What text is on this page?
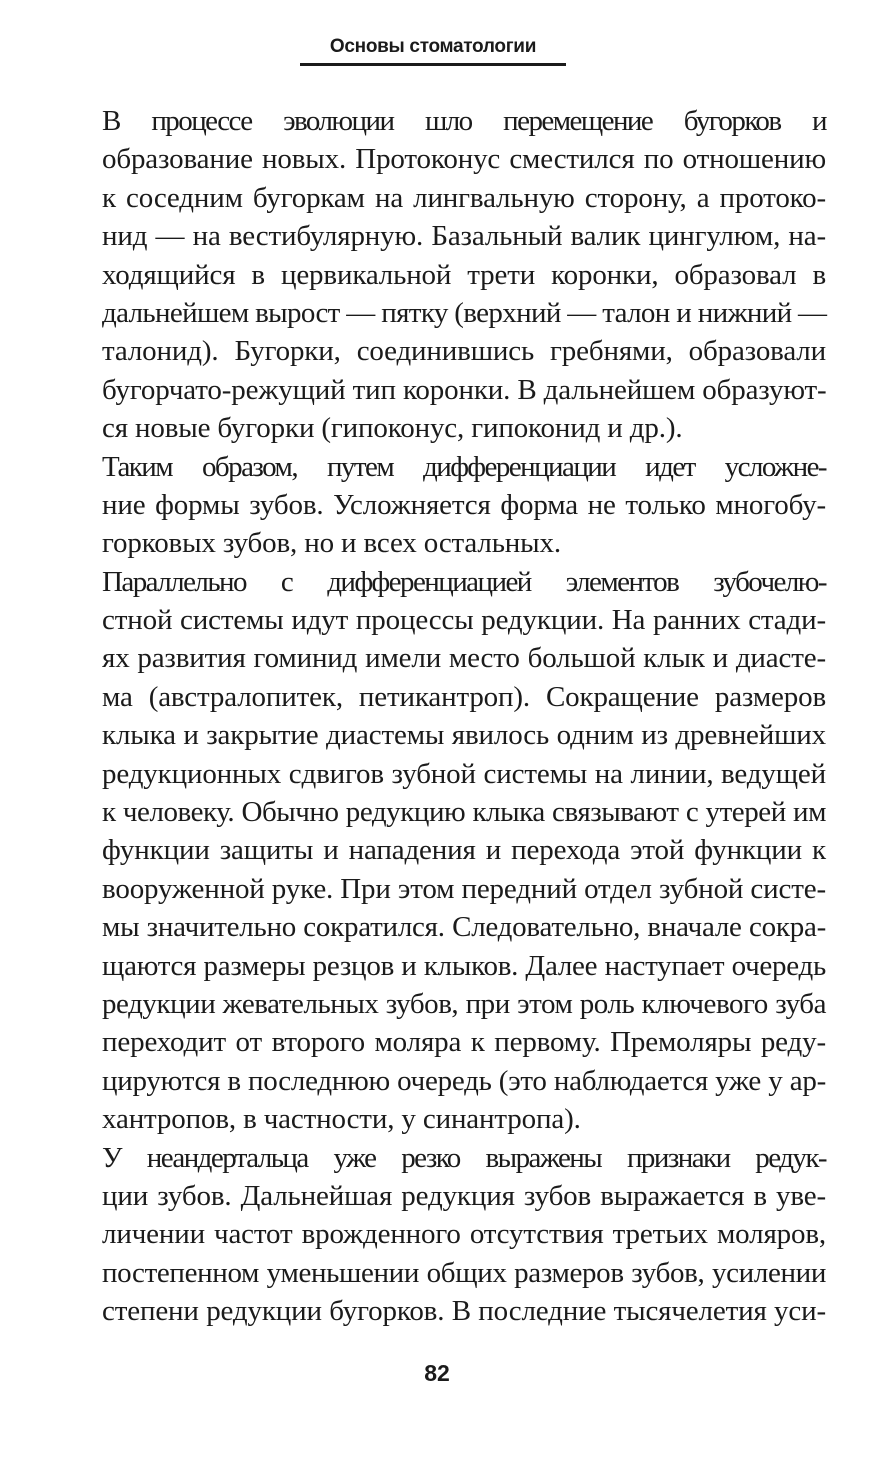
Основы стоматологии

В процессе эволюции шло перемещение бугорков и
образование новых. Протоконус сместился по отношению
к соседним бугоркам на лингвальную сторону, а протоко-
нид — на вестибулярную. Базальный валик цингулюм, на-
ходящийся в цервикальной трети коронки, образовал в
дальнейшем вырост — пятку (верхний — талон и нижний —
талонид). Бугорки, соединившись гребнями, образовали
бугорчато-режущий тип коронки. В дальнейшем образуют-
ся новые бугорки (гипоконус, гипоконид и др.).

Таким образом, путем дифференциации идет усложне-
ние формы зубов. Усложняется форма не только многобу-
горковых зубов, но и всех остальных.

Параллельно с дифференциацией элементов зубочелю-
стной системы идут процессы редукции. На ранних стади-
ях развития гоминид имели место большой клык и диасте-
ма (австралопитек, петикантроп). Сокращение размеров
клыка и закрытие диастемы явилось одним из древнейших
редукционных сдвигов зубной системы на линии, ведущей
к человеку. Обычно редукцию клыка связывают с утерей им
функции защиты и нападения и перехода этой функции к
вооруженной руке. При этом передний отдел зубной систе-
мы значительно сократился. Следовательно, вначале сокра-
щаются размеры резцов и клыков. Далее наступает очередь
редукции жевательных зубов, при этом роль ключевого зуба
переходит от второго моляра к первому. Премоляры реду-
цируются в последнюю очередь (это наблюдается уже у ар-
хантропов, в частности, у синантропа).

У неандертальца уже резко выражены признаки редук-
ции зубов. Дальнейшая редукция зубов выражается в уве-
личении частот врожденного отсутствия третьих моляров,
постепенном уменьшении общих размеров зубов, усилении
степени редукции бугорков. В последние тысячелетия уси-

82
